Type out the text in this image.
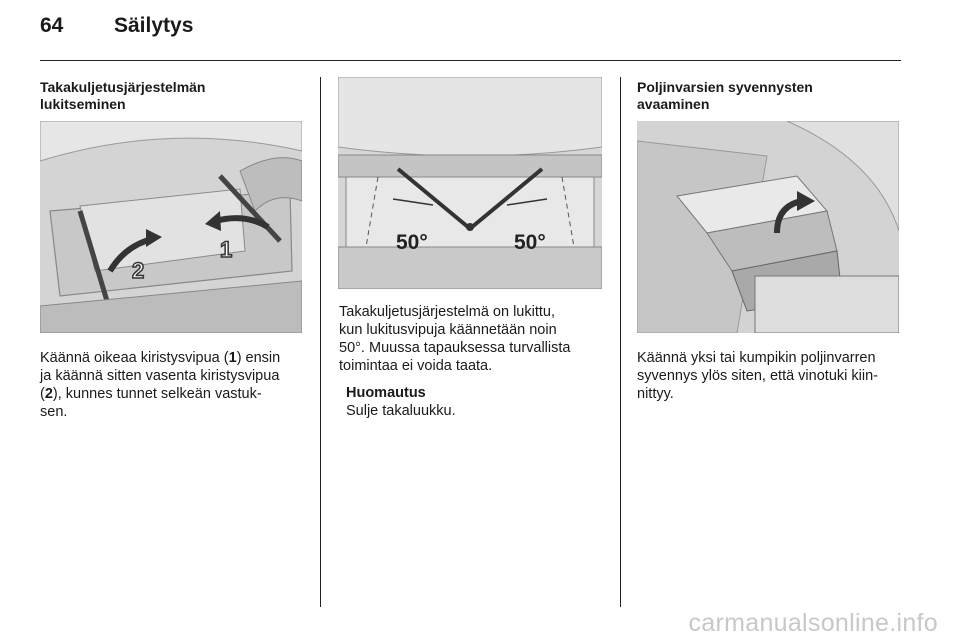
64 Säilytys
Takakuljetusjärjestelmän
lukitseminen
1
2
Käännä oikeaa kiristysvipua (1) ensin
ja käännä sitten vasenta kiristysvipua
(2), kunnes tunnet selkeän vastuk-
sen.
50°	50°
Takakuljetusjärjestelmä on lukittu,
kun lukitusvipuja käännetään noin
50°. Muussa tapauksessa turvallista
toimintaa ei voida taata.
Huomautus
Sulje takaluukku.
Poljinvarsien syvennysten
avaaminen
Käännä yksi tai kumpikin poljinvarren
syvennys ylös siten, että vinotuki kiin-
nittyy.
carmanualsonline.info
